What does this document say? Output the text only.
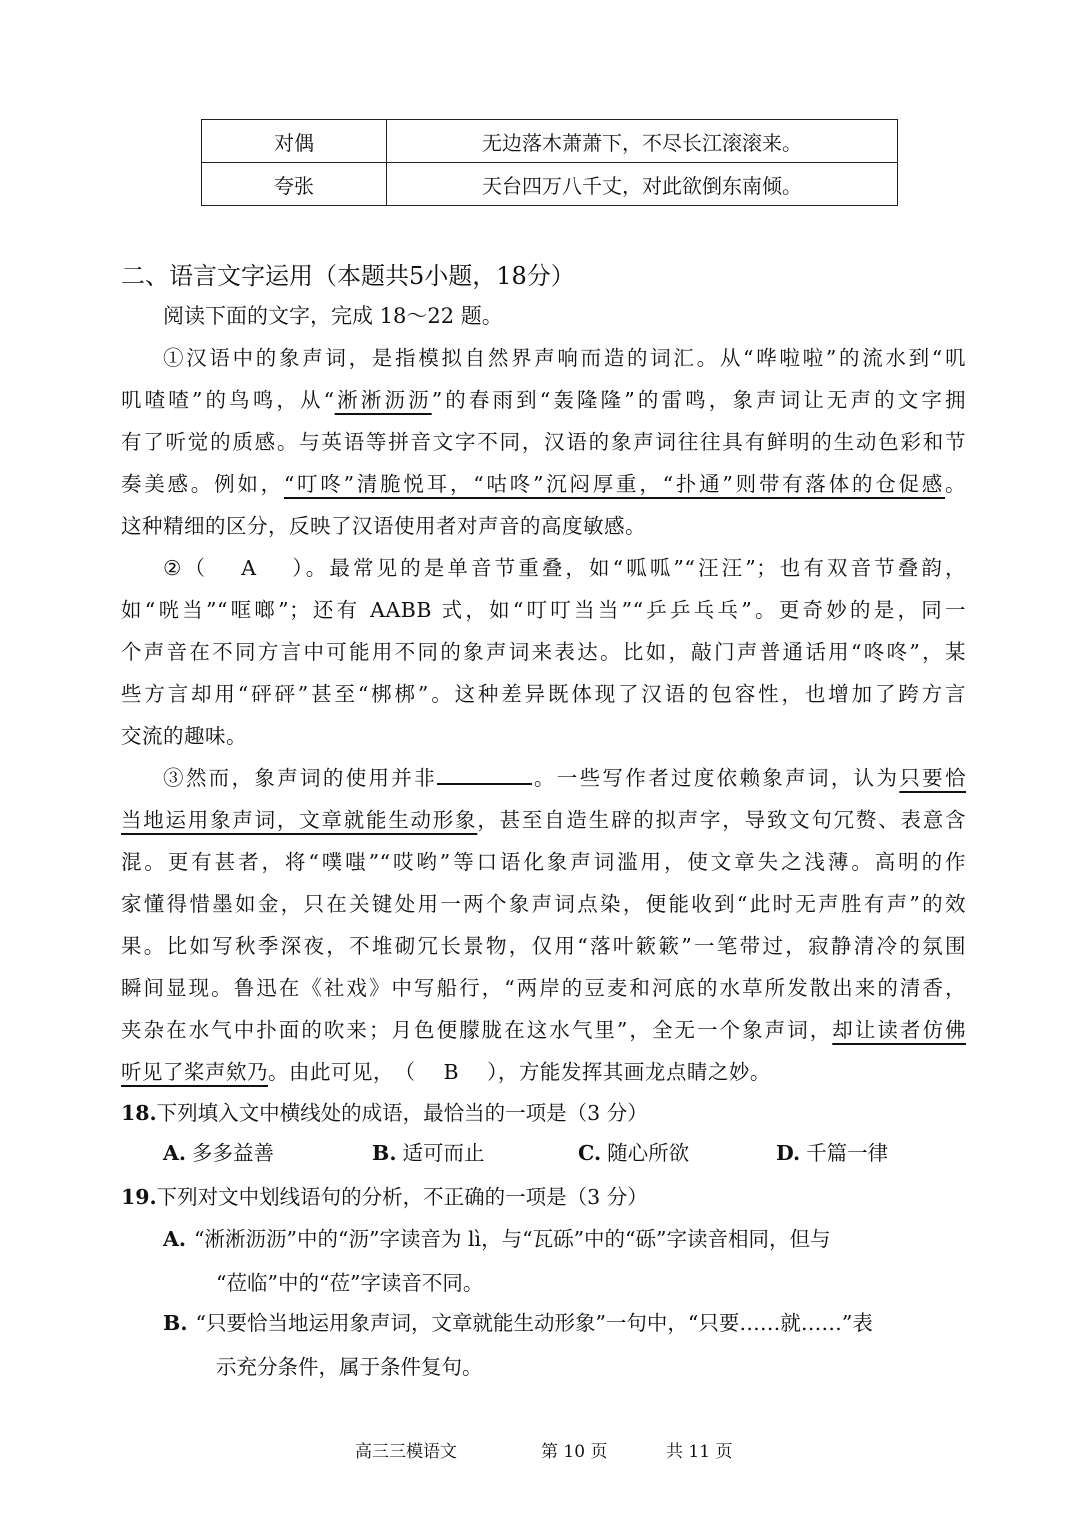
对偶	无边落木萧萧下，不尽长江滚滚来。
夸张	天台四万八千丈，对此欲倒东南倾。
二、语言文字运用（本题共5小题，18分）
阅读下面的文字，完成 18～22 题。
①汉语中的象声词，是指模拟自然界声响而造的词汇。从“哗啦啦”的流水到“叽
叽喳喳”的鸟鸣，从“淅淅沥沥”的春雨到“轰隆隆”的雷鸣，象声词让无声的文字拥
有了听觉的质感。与英语等拼音文字不同，汉语的象声词往往具有鲜明的生动色彩和节
奏美感。例如，“叮咚”清脆悦耳，“咕咚”沉闷厚重，“扑通”则带有落体的仓促感。
这种精细的区分，反映了汉语使用者对声音的高度敏感。
②（　 A　 ）。最常见的是单音节重叠，如“呱呱”“汪汪”；也有双音节叠韵，
如“咣当”“哐啷”；还有 AABB 式，如“叮叮当当”“乒乒乓乓”。更奇妙的是，同一
个声音在不同方言中可能用不同的象声词来表达。比如，敲门声普通话用“咚咚”，某
些方言却用“砰砰”甚至“梆梆”。这种差异既体现了汉语的包容性，也增加了跨方言
交流的趣味。
③然而，象声词的使用并非	。一些写作者过度依赖象声词，认为只要恰
当地运用象声词，文章就能生动形象，甚至自造生辟的拟声字，导致文句冗赘、表意含
混。更有甚者，将“噗嗤”“哎哟”等口语化象声词滥用，使文章失之浅薄。高明的作
家懂得惜墨如金，只在关键处用一两个象声词点染，便能收到“此时无声胜有声”的效
果。比如写秋季深夜，不堆砌冗长景物，仅用“落叶簌簌”一笔带过，寂静清冷的氛围
瞬间显现。鲁迅在《社戏》中写船行，“两岸的豆麦和河底的水草所发散出来的清香，
夹杂在水气中扑面的吹来；月色便朦胧在这水气里”，全无一个象声词，却让读者仿佛
听见了桨声欸乃。由此可见，　（　 B　 ），方能发挥其画龙点睛之妙。
18.下列填入文中横线处的成语，最恰当的一项是（3 分）
A. 多多益善	B. 适可而止	C. 随心所欲	D. 千篇一律
19.下列对文中划线语句的分析，不正确的一项是（3 分）
A. “淅淅沥沥”中的“沥”字读音为 lì，与“瓦砾”中的“砾”字读音相同，但与
“莅临”中的“莅”字读音不同。
B. “只要恰当地运用象声词，文章就能生动形象”一句中，“只要……就……”表
示充分条件，属于条件复句。
高三三模语文	第 10 页	共 11 页
